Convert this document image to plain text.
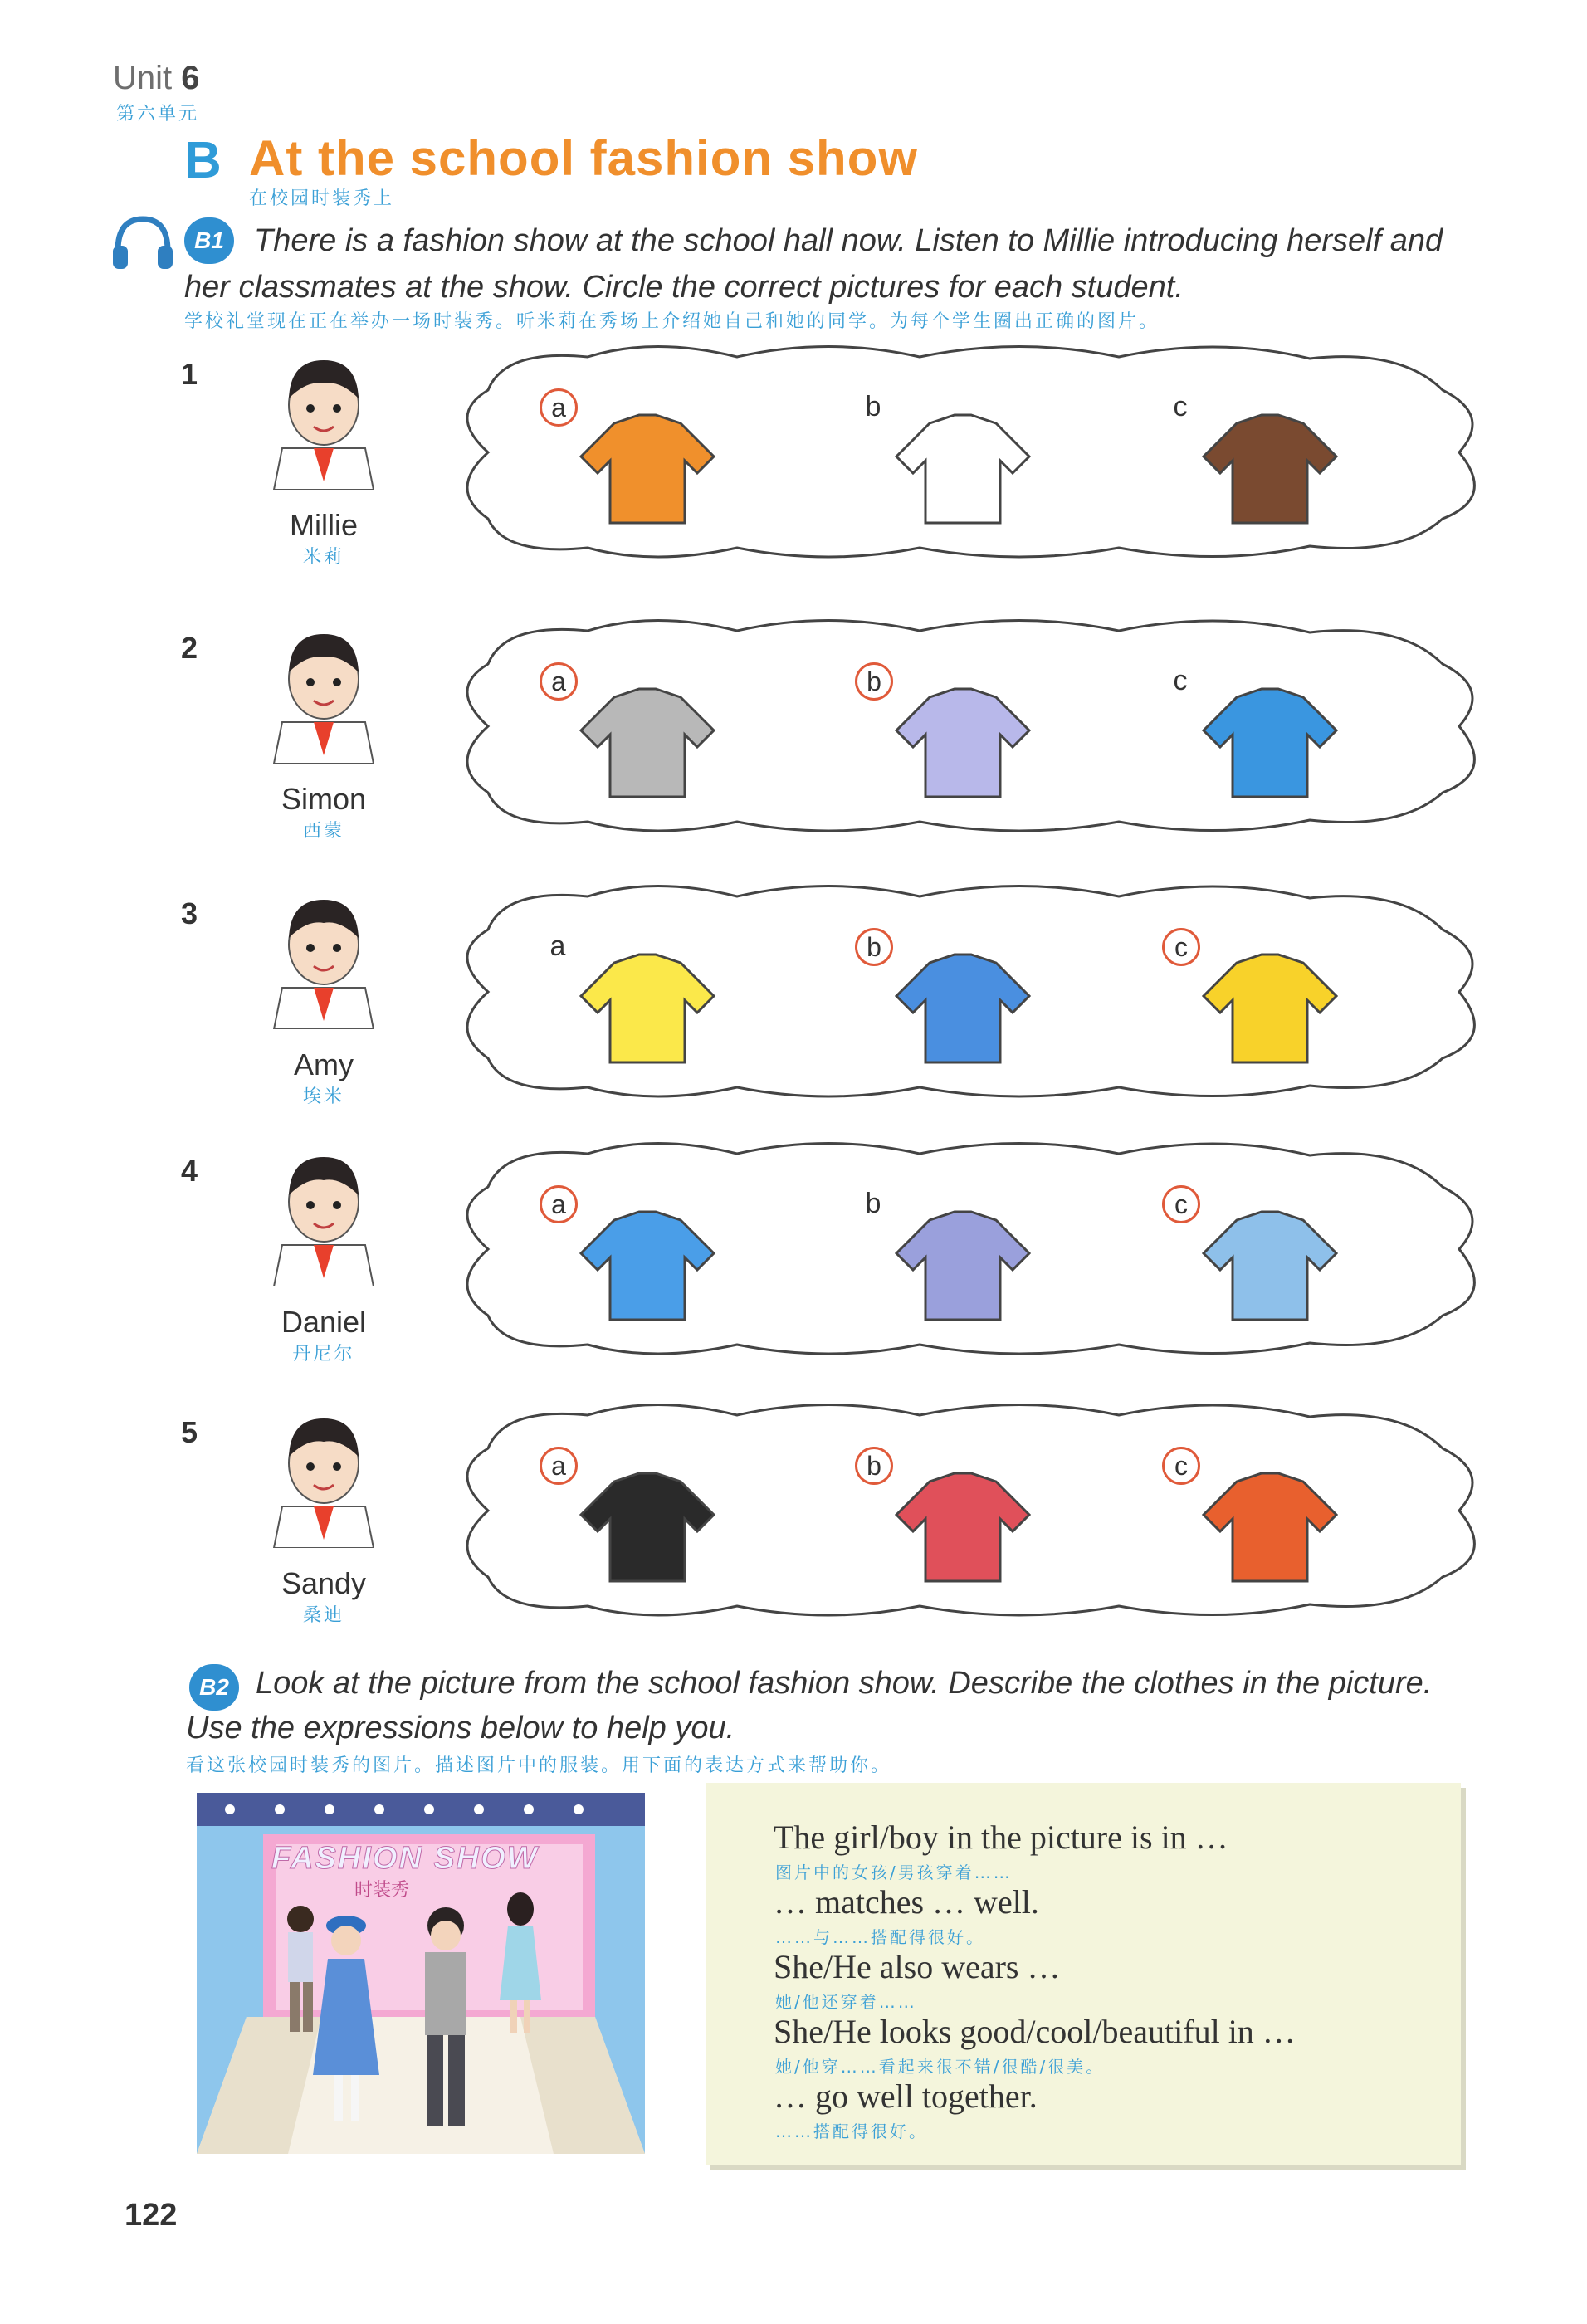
Unit 6
第六单元
B At the school fashion show
在校园时装秀上
B1 There is a fashion show at the school hall now. Listen to Millie introducing herself and
her classmates at the show. Circle the correct pictures for each student.
学校礼堂现在正在举办一场时装秀。听米莉在秀场上介绍她自己和她的同学。为每个学生圈出正确的图片。
1
Millie
米莉
a	b	c
2
Simon
西蒙
a	b	c
3
Amy
埃米
a	b	c
4
Daniel
丹尼尔
a	b	c
5
Sandy
桑迪
a	b	c
B2 Look at the picture from the school fashion show. Describe the clothes in the picture.
Use the expressions below to help you.
看这张校园时装秀的图片。描述图片中的服装。用下面的表达方式来帮助你。
FASHION SHOW
时装秀
The girl/boy in the picture is in …
图片中的女孩/男孩穿着……
… matches … well.
……与……搭配得很好。
She/He also wears …
她/他还穿着……
She/He looks good/cool/beautiful in …
她/他穿……看起来很不错/很酷/很美。
… go well together.
……搭配得很好。
122
